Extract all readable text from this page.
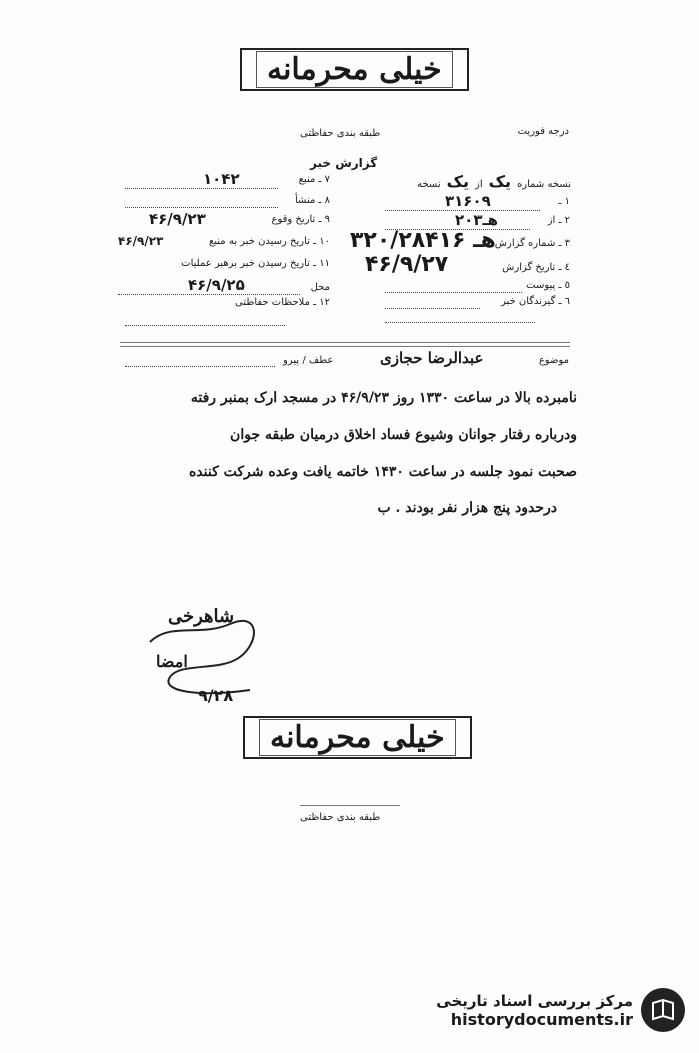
خیلی محرمانه
درجه فوریت
طبقه بندی حفاظتی
گزارش خبر
نسخه شماره
یک
از
یک
نسخه
۱ ـ
۳۱۶۰۹
۲ ـ از
۲۰هـ۳
۳ ـ شماره گزارش
۳۲۰/۲۸۴۱۶ هـ
٤ ـ تاریخ گزارش
۴۶/۹/۲۷
٥ ـ پیوست
٦ ـ گیرندگان خبر
۷ ـ منبع
۱۰۴۲
۸ ـ منشأ
۹ ـ تاریخ وقوع
۴۶/۹/۲۳
۱۰ ـ تاریخ رسیدن خبر به منبع
۴۶/۹/۲۳
۱۱ ـ تاریخ رسیدن خبر برهبر عملیات
محل
۴۶/۹/۲۵
۱۲ ـ ملاحظات حفاظتی
موضوع
عبدالرضا حجازی
عطف / پیرو
نامبرده بالا در ساعت ۱۳۳۰ روز ۴۶/۹/۲۳ در مسجد ارک بمنبر رفته
ودرباره رفتار جوانان وشیوع فساد اخلاق درمیان طبقه جوان
صحبت نمود جلسه در ساعت ۱۴۳۰ خاتمه یافت وعده شرکت کننده
درحدود پنج هزار نفر بودند . ب
شاهرخی
امضا
۹/۲۸
خیلی محرمانه
طبقه بندی حفاظتی
مرکز بررسی اسناد تاریخی
historydocuments.ir
